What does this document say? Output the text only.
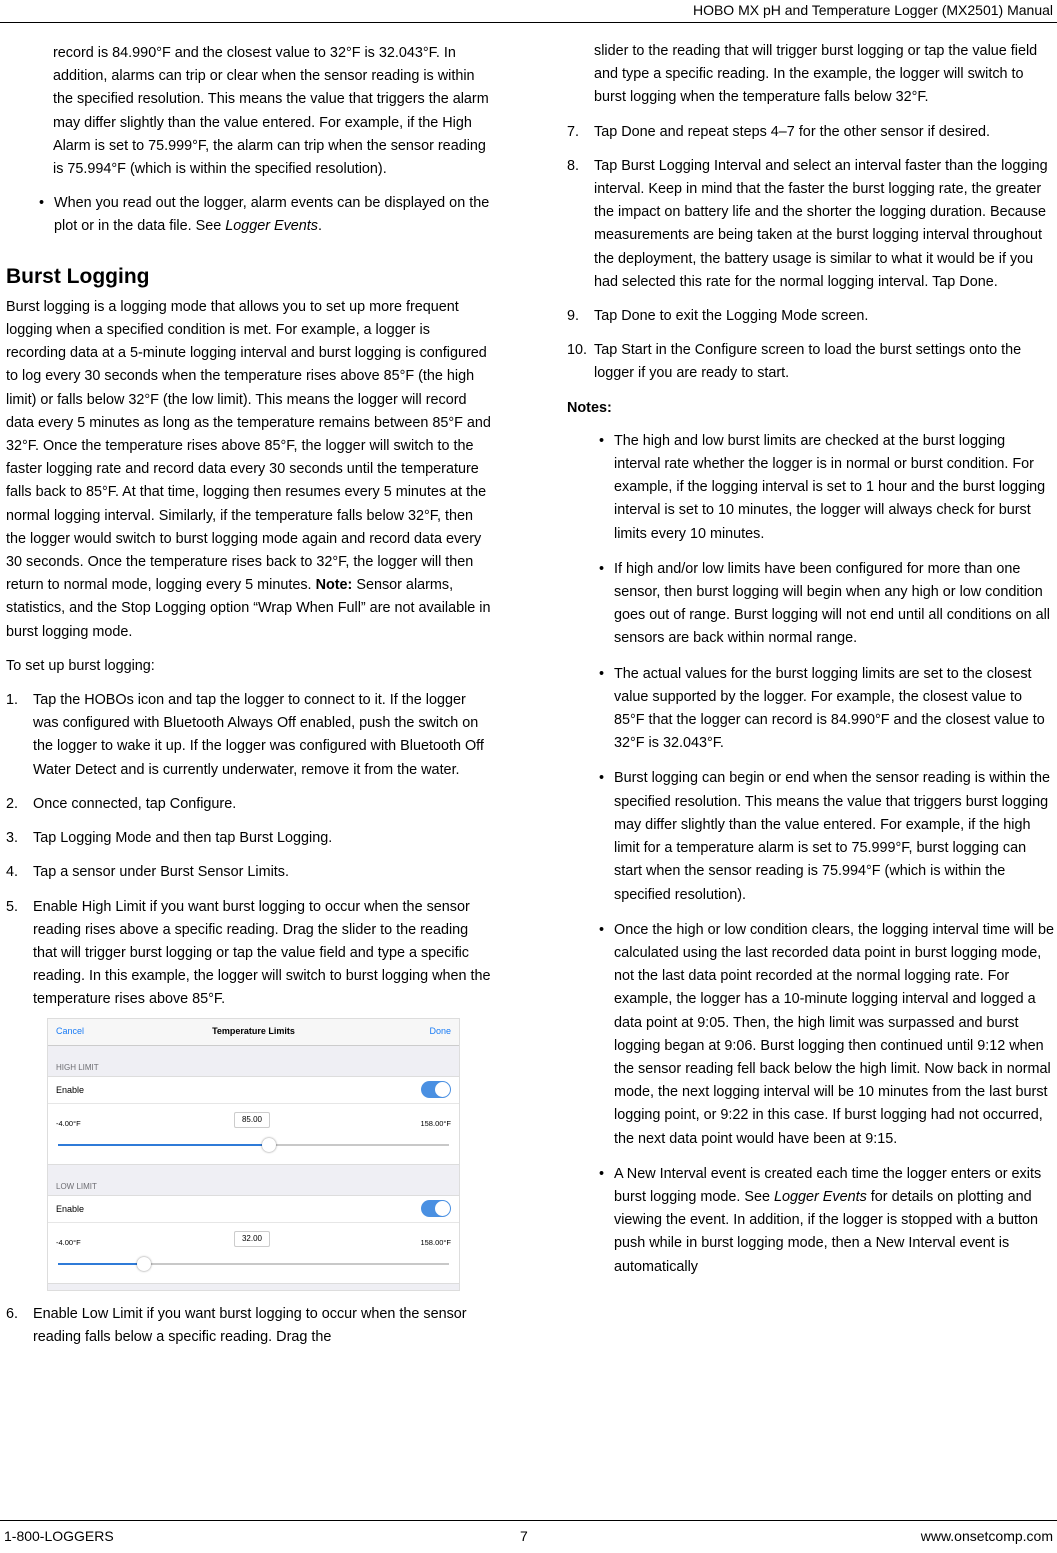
HOBO MX pH and Temperature Logger (MX2501) Manual

record is 84.990°F and the closest value to 32°F is 32.043°F. In addition, alarms can trip or clear when the sensor reading is within the specified resolution. This means the value that triggers the alarm may differ slightly than the value entered. For example, if the High Alarm is set to 75.999°F, the alarm can trip when the sensor reading is 75.994°F (which is within the specified resolution).

• When you read out the logger, alarm events can be displayed on the plot or in the data file. See Logger Events.
Burst Logging

Burst logging is a logging mode that allows you to set up more frequent logging when a specified condition is met. For example, a logger is recording data at a 5-minute logging interval and burst logging is configured to log every 30 seconds when the temperature rises above 85°F (the high limit) or falls below 32°F (the low limit). This means the logger will record data every 5 minutes as long as the temperature remains between 85°F and 32°F. Once the temperature rises above 85°F, the logger will switch to the faster logging rate and record data every 30 seconds until the temperature falls back to 85°F. At that time, logging then resumes every 5 minutes at the normal logging interval. Similarly, if the temperature falls below 32°F, then the logger would switch to burst logging mode again and record data every 30 seconds. Once the temperature rises back to 32°F, the logger will then return to normal mode, logging every 5 minutes. Note: Sensor alarms, statistics, and the Stop Logging option “Wrap When Full” are not available in burst logging mode.

To set up burst logging:

1. Tap the HOBOs icon and tap the logger to connect to it. If the logger was configured with Bluetooth Always Off enabled, push the switch on the logger to wake it up. If the logger was configured with Bluetooth Off Water Detect and is currently underwater, remove it from the water.
2. Once connected, tap Configure.
3. Tap Logging Mode and then tap Burst Logging.
4. Tap a sensor under Burst Sensor Limits.
5. Enable High Limit if you want burst logging to occur when the sensor reading rises above a specific reading. Drag the slider to the reading that will trigger burst logging or tap the value field and type a specific reading. In this example, the logger will switch to burst logging when the temperature rises above 85°F.
Cancel	Temperature Limits	Done
HIGH LIMIT
Enable
-4.00°F	85.00	158.00°F
LOW LIMIT
Enable
-4.00°F	32.00	158.00°F
6. Enable Low Limit if you want burst logging to occur when the sensor reading falls below a specific reading. Drag the

slider to the reading that will trigger burst logging or tap the value field and type a specific reading. In the example, the logger will switch to burst logging when the temperature falls below 32°F.

7. Tap Done and repeat steps 4–7 for the other sensor if desired.
8. Tap Burst Logging Interval and select an interval faster than the logging interval. Keep in mind that the faster the burst logging rate, the greater the impact on battery life and the shorter the logging duration. Because measurements are being taken at the burst logging interval throughout the deployment, the battery usage is similar to what it would be if you had selected this rate for the normal logging interval. Tap Done.
9. Tap Done to exit the Logging Mode screen.
10. Tap Start in the Configure screen to load the burst settings onto the logger if you are ready to start.

Notes:

• The high and low burst limits are checked at the burst logging interval rate whether the logger is in normal or burst condition. For example, if the logging interval is set to 1 hour and the burst logging interval is set to 10 minutes, the logger will always check for burst limits every 10 minutes.
• If high and/or low limits have been configured for more than one sensor, then burst logging will begin when any high or low condition goes out of range. Burst logging will not end until all conditions on all sensors are back within normal range.
• The actual values for the burst logging limits are set to the closest value supported by the logger. For example, the closest value to 85°F that the logger can record is 84.990°F and the closest value to 32°F is 32.043°F.
• Burst logging can begin or end when the sensor reading is within the specified resolution. This means the value that triggers burst logging may differ slightly than the value entered. For example, if the high limit for a temperature alarm is set to 75.999°F, burst logging can start when the sensor reading is 75.994°F (which is within the specified resolution).
• Once the high or low condition clears, the logging interval time will be calculated using the last recorded data point in burst logging mode, not the last data point recorded at the normal logging rate. For example, the logger has a 10-minute logging interval and logged a data point at 9:05. Then, the high limit was surpassed and burst logging began at 9:06. Burst logging then continued until 9:12 when the sensor reading fell back below the high limit. Now back in normal mode, the next logging interval will be 10 minutes from the last burst logging point, or 9:22 in this case. If burst logging had not occurred, the next data point would have been at 9:15.
• A New Interval event is created each time the logger enters or exits burst logging mode. See Logger Events for details on plotting and viewing the event. In addition, if the logger is stopped with a button push while in burst logging mode, then a New Interval event is automatically
1-800-LOGGERS	7	www.onsetcomp.com
